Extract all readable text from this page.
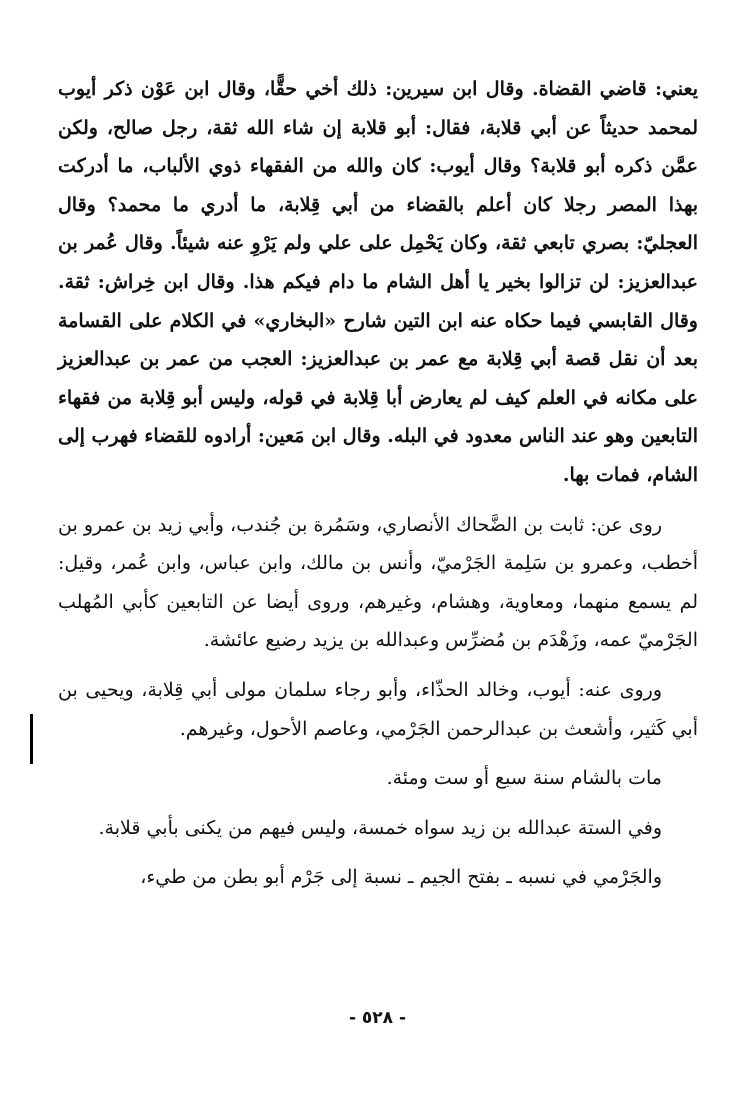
يعني: قاضي القضاة. وقال ابن سيرين: ذلك أخي حقًّا، وقال ابن عَوْن ذكر أيوب لمحمد حديثاً عن أبي قلابة، فقال: أبو قلابة إن شاء الله ثقة، رجل صالح، ولكن عمَّن ذكره أبو قلابة؟ وقال أيوب: كان والله من الفقهاء ذوي الألباب، ما أدركت بهذا المصر رجلا كان أعلم بالقضاء من أبي قِلابة، ما أدري ما محمد؟ وقال العجليّ: بصري تابعي ثقة، وكان يَحْمِل على علي ولم يَرْوِ عنه شيئاً. وقال عُمر بن عبدالعزيز: لن تزالوا بخير يا أهل الشام ما دام فيكم هذا. وقال ابن خِراش: ثقة. وقال القابسي فيما حكاه عنه ابن التين شارح «البخاري» في الكلام على القسامة بعد أن نقل قصة أبي قِلابة مع عمر بن عبدالعزيز: العجب من عمر بن عبدالعزيز على مكانه في العلم كيف لم يعارض أبا قِلابة في قوله، وليس أبو قِلابة من فقهاء التابعين وهو عند الناس معدود في البله. وقال ابن مَعين: أرادوه للقضاء فهرب إلى الشام، فمات بها.

روى عن: ثابت بن الضَّحاك الأنصاري، وسَمُرة بن جُندب، وأبي زيد بن عمرو بن أخطب، وعمرو بن سَلِمة الجَرْميّ، وأنس بن مالك، وابن عباس، وابن عُمر، وقيل: لم يسمع منهما، ومعاوية، وهشام، وغيرهم، وروى أيضا عن التابعين كأبي المُهلب الجَرْميّ عمه، وزَهْدَم بن مُضرِّس وعبدالله بن يزيد رضيع عائشة.

وروى عنه: أيوب، وخالد الحذّاء، وأبو رجاء سلمان مولى أبي قِلابة، ويحيى بن أبي كَثير، وأشعث بن عبدالرحمن الجَرْمي، وعاصم الأحول، وغيرهم.

مات بالشام سنة سبع أو ست ومئة.

وفي الستة عبدالله بن زيد سواه خمسة، وليس فيهم من يكنى بأبي قلابة.

والجَرْمي في نسبه ـ بفتح الجيم ـ نسبة إلى جَرْم أبو بطن من طيء،

- ٥٢٨ -
